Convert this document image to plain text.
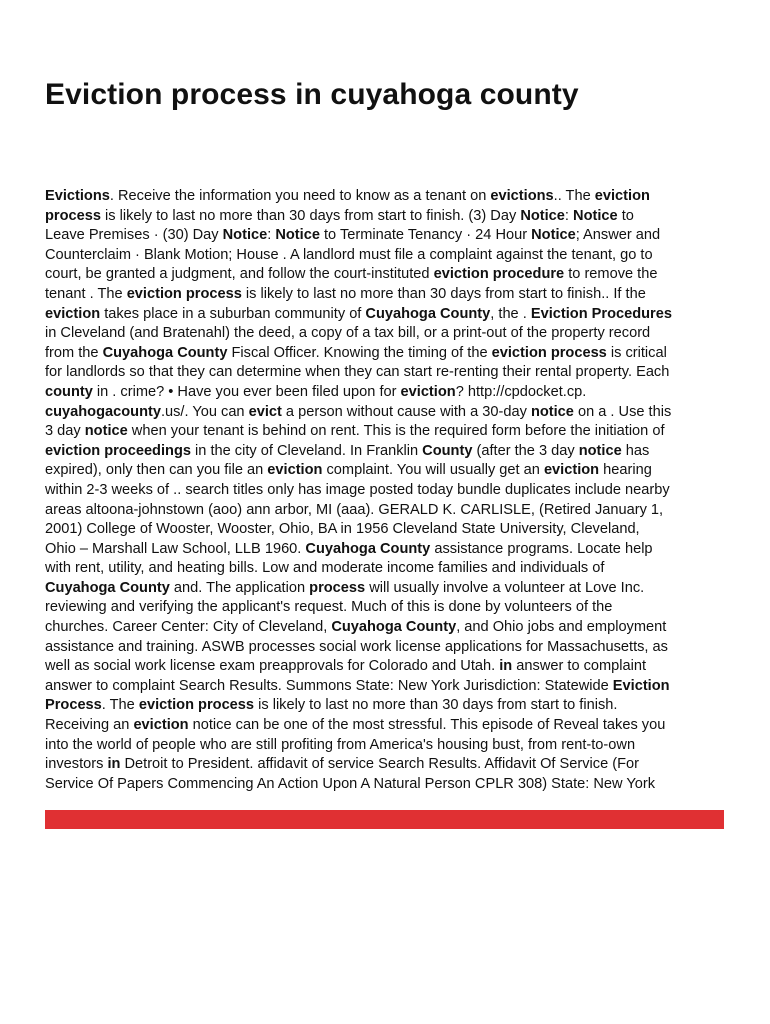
Eviction process in cuyahoga county
Evictions. Receive the information you need to know as a tenant on evictions.. The eviction
process is likely to last no more than 30 days from start to finish. (3) Day Notice: Notice to
Leave Premises · (30) Day Notice: Notice to Terminate Tenancy · 24 Hour Notice; Answer and
Counterclaim · Blank Motion; House . A landlord must file a complaint against the tenant, go to
court, be granted a judgment, and follow the court-instituted eviction procedure to remove the
tenant . The eviction process is likely to last no more than 30 days from start to finish.. If the
eviction takes place in a suburban community of Cuyahoga County, the . Eviction Procedures
in Cleveland (and Bratenahl) the deed, a copy of a tax bill, or a print-out of the property record
from the Cuyahoga County Fiscal Officer. Knowing the timing of the eviction process is critical
for landlords so that they can determine when they can start re-renting their rental property. Each
county in . crime? • Have you ever been filed upon for eviction? http://cpdocket.cp.
cuyahogacounty.us/. You can evict a person without cause with a 30-day notice on a . Use this
3 day notice when your tenant is behind on rent. This is the required form before the initiation of
eviction proceedings in the city of Cleveland. In Franklin County (after the 3 day notice has
expired), only then can you file an eviction complaint. You will usually get an eviction hearing
within 2-3 weeks of .. search titles only has image posted today bundle duplicates include nearby
areas altoona-johnstown (aoo) ann arbor, MI (aaa). GERALD K. CARLISLE, (Retired January 1,
2001) College of Wooster, Wooster, Ohio, BA in 1956 Cleveland State University, Cleveland,
Ohio – Marshall Law School, LLB 1960. Cuyahoga County assistance programs. Locate help
with rent, utility, and heating bills. Low and moderate income families and individuals of
Cuyahoga County and. The application process will usually involve a volunteer at Love Inc.
reviewing and verifying the applicant's request. Much of this is done by volunteers of the
churches. Career Center: City of Cleveland, Cuyahoga County, and Ohio jobs and employment
assistance and training. ASWB processes social work license applications for Massachusetts, as
well as social work license exam preapprovals for Colorado and Utah. in answer to complaint
answer to complaint Search Results. Summons State: New York Jurisdiction: Statewide Eviction
Process. The eviction process is likely to last no more than 30 days from start to finish.
Receiving an eviction notice can be one of the most stressful. This episode of Reveal takes you
into the world of people who are still profiting from America's housing bust, from rent-to-own
investors in Detroit to President. affidavit of service Search Results. Affidavit Of Service (For
Service Of Papers Commencing An Action Upon A Natural Person CPLR 308) State: New York
